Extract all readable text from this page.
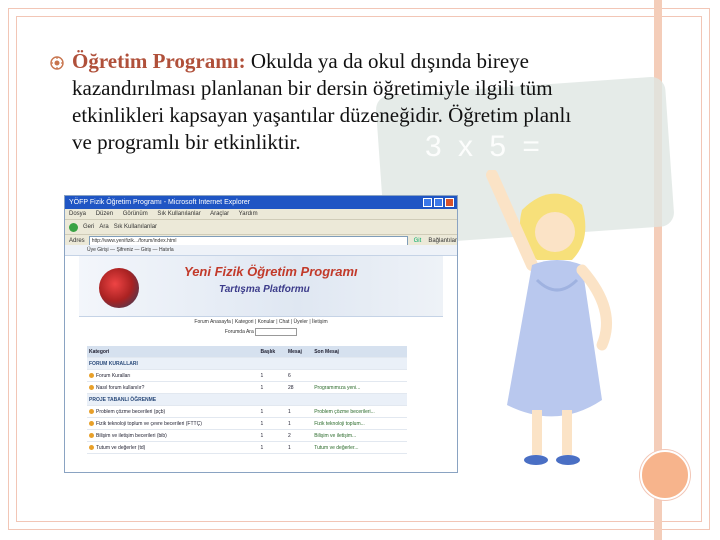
3 x 5 =
Öğretim Programı: Okulda ya da okul dışında bireye
kazandırılması planlanan bir dersin öğretimiyle ilgili tüm
etkinlikleri kapsayan yaşantılar düzeneğidir. Öğretim planlı
ve programlı bir etkinliktir.
YÖFP Fizik Öğretim Programı - Microsoft Internet Explorer
Dosya Düzen Görünüm Sık Kullanılanlar Araçlar Yardım
Geri Ara Sık Kullanılanlar
Adres	http://www.yenifizik.../forum/index.html	Git Bağlantılar
Üye Girişi — Şifreniz — Giriş — Hatırla
Yeni Fizik Öğretim Programı
Tartışma Platformu
Forum Anasayfa | Kategori | Konular | Chat | Üyeler | İletişim
Forumda Ara
Kategori	Başlık	Mesaj	Son Mesaj
FORUM KURALLARI			
Forum Kuralları	1	6	
Nasıl forum kullanılır?	1	28	Programımıza yeni...
PROJE TABANLI ÖĞRENME			
Problem çözme becerileri (pçb)	1	1	Problem çözme becerileri...
Fizik teknoloji toplum ve çevre becerileri (FTTÇ)	1	1	Fizik teknoloji toplum...
Bilişim ve iletişim becerileri (bib)	1	2	Bilişim ve iletişim...
Tutum ve değerler (td)	1	1	Tutum ve değerler...
